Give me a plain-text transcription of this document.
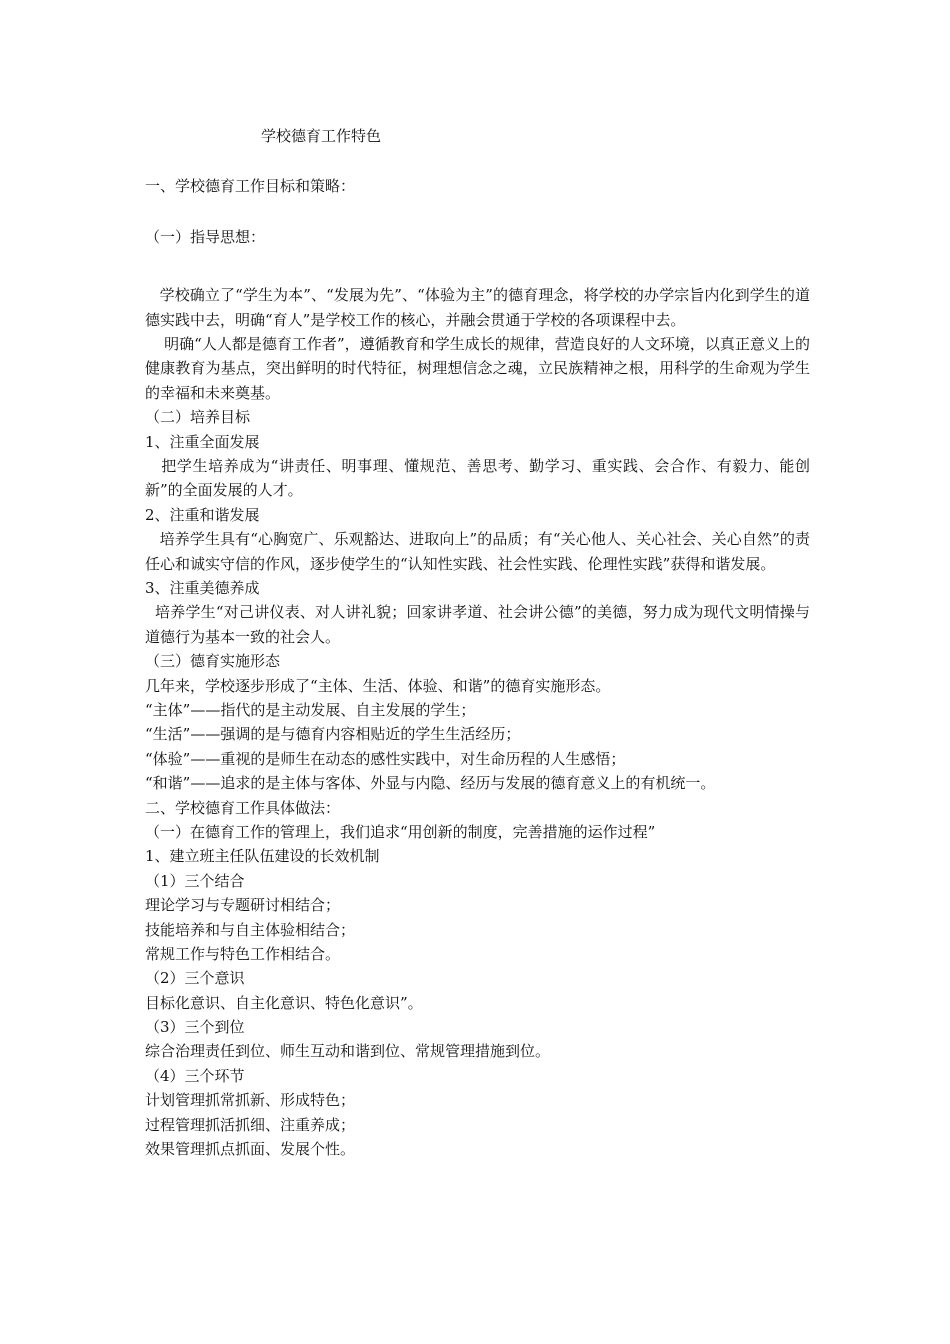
学校德育工作特色
一、学校德育工作目标和策略：
（一）指导思想：
学校确立了“学生为本”、“发展为先”、“体验为主”的德育理念，将学校的办学宗旨内化到学生的道德实践中去，明确“育人”是学校工作的核心，并融会贯通于学校的各项课程中去。
明确“人人都是德育工作者”，遵循教育和学生成长的规律，营造良好的人文环境，以真正意义上的健康教育为基点，突出鲜明的时代特征，树理想信念之魂，立民族精神之根，用科学的生命观为学生的幸福和未来奠基。
（二）培养目标
1、注重全面发展
把学生培养成为“讲责任、明事理、懂规范、善思考、勤学习、重实践、会合作、有毅力、能创新”的全面发展的人才。
2、注重和谐发展
培养学生具有“心胸宽广、乐观豁达、进取向上”的品质；有“关心他人、关心社会、关心自然”的责任心和诚实守信的作风，逐步使学生的“认知性实践、社会性实践、伦理性实践”获得和谐发展。
3、注重美德养成
培养学生“对己讲仪表、对人讲礼貌；回家讲孝道、社会讲公德”的美德，努力成为现代文明情操与道德行为基本一致的社会人。
（三）德育实施形态
几年来，学校逐步形成了“主体、生活、体验、和谐”的德育实施形态。
“主体”——指代的是主动发展、自主发展的学生；
“生活”——强调的是与德育内容相贴近的学生生活经历；
“体验”——重视的是师生在动态的感性实践中，对生命历程的人生感悟；
“和谐”——追求的是主体与客体、外显与内隐、经历与发展的德育意义上的有机统一。
二、学校德育工作具体做法：
（一）在德育工作的管理上，我们追求“用创新的制度，完善措施的运作过程”
1、建立班主任队伍建设的长效机制
（1）三个结合
理论学习与专题研讨相结合；
技能培养和与自主体验相结合；
常规工作与特色工作相结合。
（2）三个意识
目标化意识、自主化意识、特色化意识”。
（3）三个到位
综合治理责任到位、师生互动和谐到位、常规管理措施到位。
（4）三个环节
计划管理抓常抓新、形成特色；
过程管理抓活抓细、注重养成；
效果管理抓点抓面、发展个性。
